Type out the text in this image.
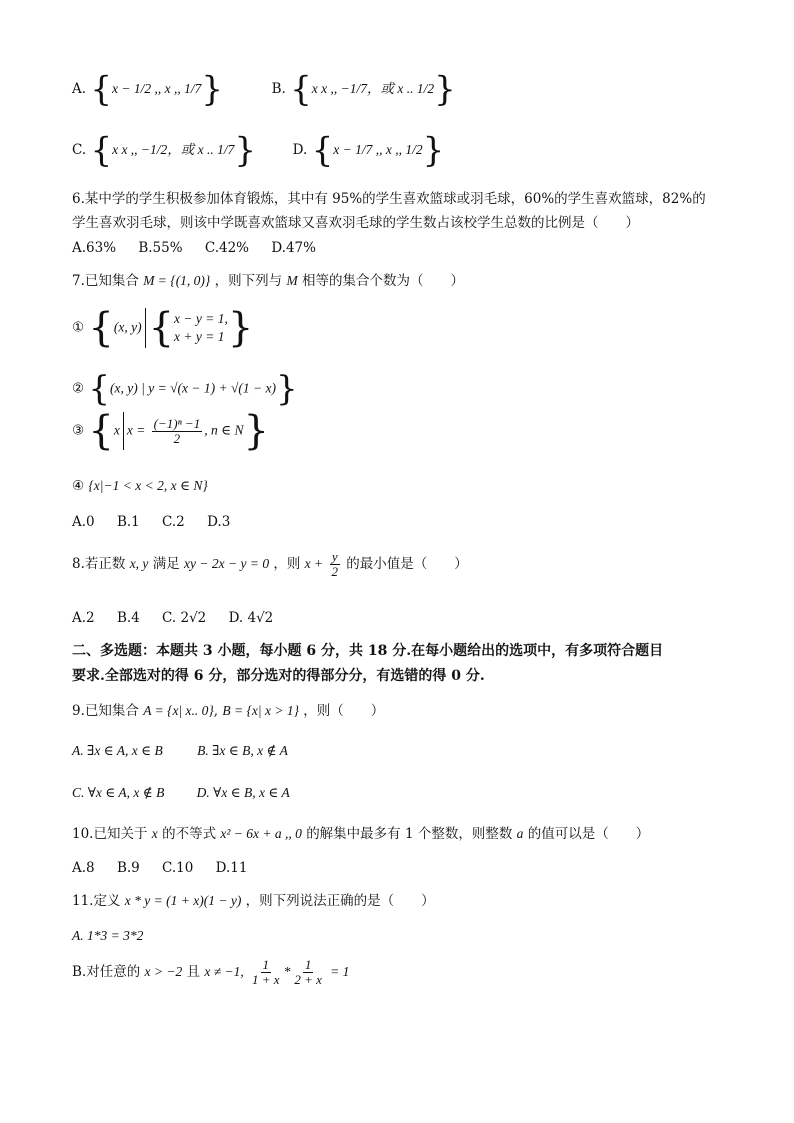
A. {x − 1/2 ,, x ,, 1/7}	B. {x x ,, −1/7，或 x .. 1/2}
C. {x x ,, −1/2，或 x .. 1/7}	D. {x − 1/7 ,, x ,, 1/2}
6.某中学的学生积极参加体育锻炼，其中有 95%的学生喜欢篮球或羽毛球，60%的学生喜欢篮球，82%的
学生喜欢羽毛球，则该中学既喜欢篮球又喜欢羽毛球的学生数占该校学生总数的比例是（　　）
A.63% B.55% C.42% D.47%
7.已知集合 M = {(1, 0)} ，则下列与 M 相等的集合个数为（　　）
① {(x, y) { x − y = 1,
x + y = 1 }
② {(x, y) | y = √(x − 1) + √(1 − x)}
③ {x $x = \frac{\text{(−1)ⁿ −1}}{2}$ , n ∈ N}
④ {x|−1 < x < 2, x ∈ N}
A.0 B.1 C.2 D.3
8.若正数 x, y 满足 xy − 2x − y = 0 ，则 $x + \frac{y}{2}$ 的最小值是（　　）
A.2 B.4 C. 2√2 D. 4√2
二、多选题：本题共 3 小题，每小题 6 分，共 18 分.在每小题给出的选项中，有多项符合题目
要求.全部选对的得 6 分，部分选对的得部分分，有选错的得 0 分.
9.已知集合 A = {x| x.. 0}, B = {x| x > 1} ，则（　　）
A. ∃x ∈ A, x ∈ B	B. ∃x ∈ B, x ∉ A
C. ∀x ∈ A, x ∉ B D. ∀x ∈ B, x ∈ A
10.已知关于 x 的不等式 x² − 6x + a ,, 0 的解集中最多有 1 个整数，则整数 a 的值可以是（　　）
A.8 B.9 C.10 D.11
11.定义 x * y = (1 + x)(1 − y) ，则下列说法正确的是（　　）
A. 1*3 = 3*2
B.对任意的 x > −2 且 x ≠ −1, $\frac{1}{1 + x} * \frac{1}{2 + x} = 1$
